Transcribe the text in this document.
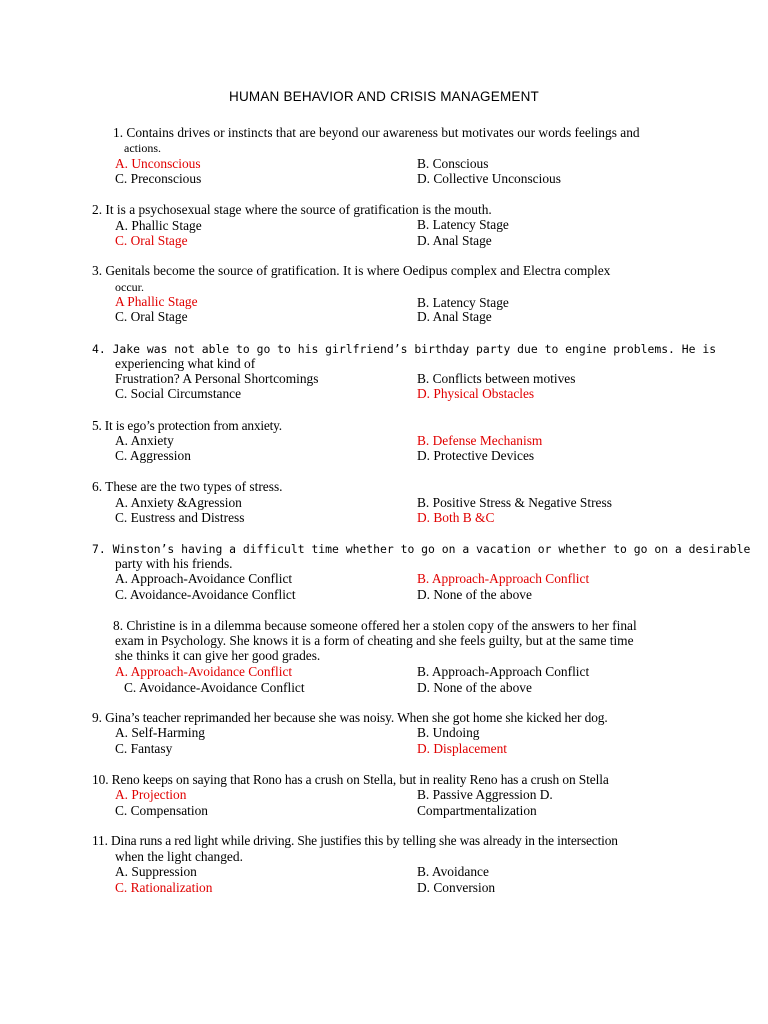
HUMAN BEHAVIOR AND CRISIS MANAGEMENT
1. Contains drives or instincts that are beyond our awareness but motivates our words feelings and
actions.
A. Unconscious	B. Conscious
C. Preconscious	D. Collective Unconscious
2. It is a psychosexual stage where the source of gratification is the mouth.
A. Phallic Stage	B. Latency Stage
C. Oral Stage	D. Anal Stage
3. Genitals become the source of gratification. It is where Oedipus complex and Electra complex
occur.
A Phallic Stage	B. Latency Stage
C. Oral Stage	D. Anal Stage
4. Jake was not able to go to his girlfriend’s birthday party due to engine problems. He is
experiencing what kind of
Frustration? A Personal Shortcomings	B. Conflicts between motives
C. Social Circumstance	D. Physical Obstacles
5. It is ego’s protection from anxiety.
A. Anxiety	B. Defense Mechanism
C. Aggression	D. Protective Devices
6. These are the two types of stress.
A. Anxiety &Agression	B. Positive Stress & Negative Stress
C. Eustress and Distress	D. Both B &C
7. Winston’s having a difficult time whether to go on a vacation or whether to go on a desirable
party with his friends.
A. Approach-Avoidance Conflict	B. Approach-Approach Conflict
C. Avoidance-Avoidance Conflict	D. None of the above
8. Christine is in a dilemma because someone offered her a stolen copy of the answers to her final
exam in Psychology. She knows it is a form of cheating and she feels guilty, but at the same time
she thinks it can give her good grades.
A. Approach-Avoidance Conflict	B. Approach-Approach Conflict
C. Avoidance-Avoidance Conflict	D. None of the above
9. Gina’s teacher reprimanded her because she was noisy. When she got home she kicked her dog.
A. Self-Harming	B. Undoing
C. Fantasy	D. Displacement
10. Reno keeps on saying that Rono has a crush on Stella, but in reality Reno has a crush on Stella
A. Projection	B. Passive Aggression D.
C. Compensation	Compartmentalization
11. Dina runs a red light while driving. She justifies this by telling she was already in the intersection
when the light changed.
A. Suppression	B. Avoidance
C. Rationalization	D. Conversion
